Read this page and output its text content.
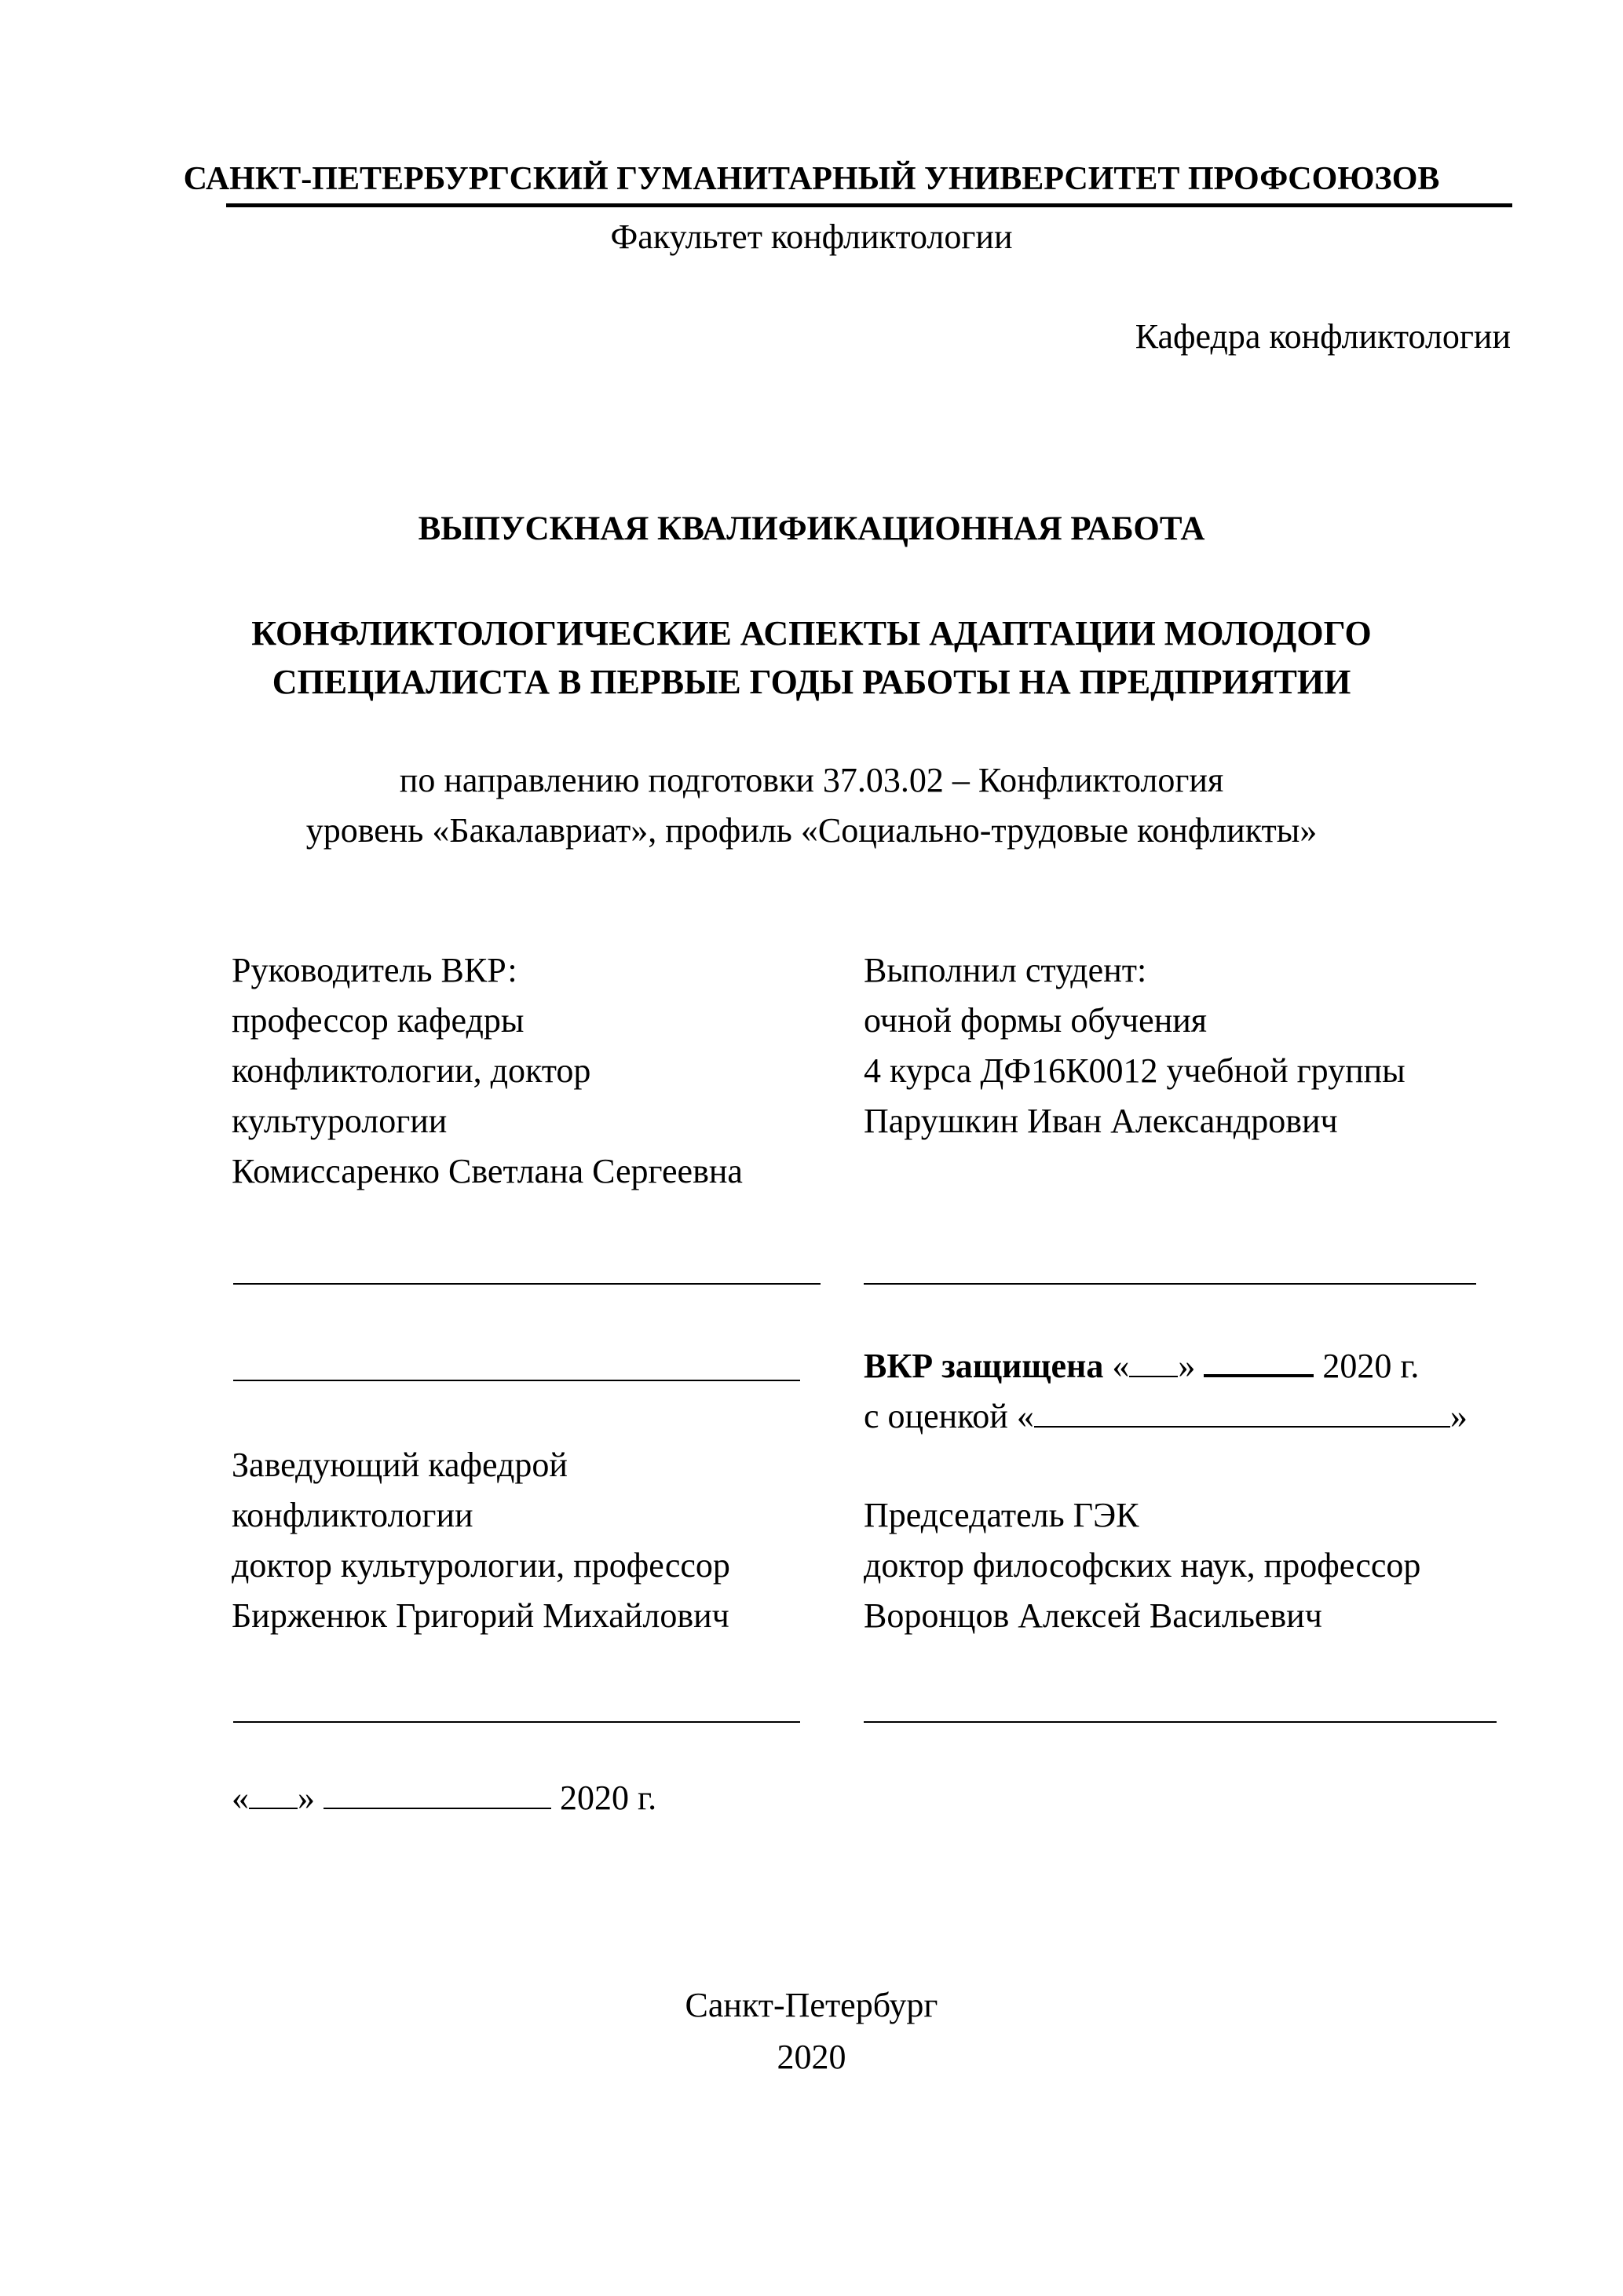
САНКТ-ПЕТЕРБУРГСКИЙ ГУМАНИТАРНЫЙ УНИВЕРСИТЕТ ПРОФСОЮЗОВ
Факультет конфликтологии
Кафедра конфликтологии
ВЫПУСКНАЯ КВАЛИФИКАЦИОННАЯ РАБОТА
КОНФЛИКТОЛОГИЧЕСКИЕ АСПЕКТЫ АДАПТАЦИИ МОЛОДОГО
СПЕЦИАЛИСТА В ПЕРВЫЕ ГОДЫ РАБОТЫ НА ПРЕДПРИЯТИИ
по направлению подготовки 37.03.02 – Конфликтология
уровень «Бакалавриат», профиль «Социально-трудовые конфликты»
Руководитель ВКР:
профессор кафедры
конфликтологии, доктор
культурологии
Комиссаренко Светлана Сергеевна
Выполнил студент:
очной формы обучения
4 курса ДФ16К0012 учебной группы
Парушкин Иван Александрович
ВКР защищена « »	2020 г.
с оценкой «	»
Заведующий кафедрой
конфликтологии
доктор культурологии, профессор
Бирженюк Григорий Михайлович
Председатель ГЭК
доктор философских наук, профессор
Воронцов Алексей Васильевич
« »	2020 г.
Санкт-Петербург
2020
